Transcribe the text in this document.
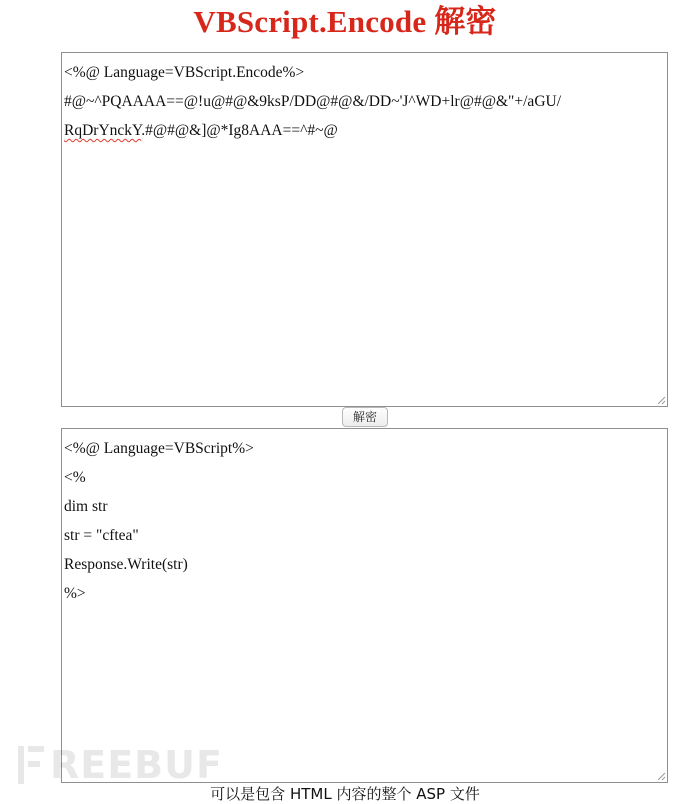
VBScript.Encode 解密
<%@ Language=VBScript.Encode%>
#@~^PQAAAA==@!u@#@&9ksP/DD@#@&/DD~'J^WD+lr@#@&"+/aGU/
RqDrYnckY.#@#@&]@*Ig8AAA==^#~@
解密
<%@ Language=VBScript%>
<%
dim str
str = "cftea"
Response.Write(str)
%>
REEBUF
可以是包含 HTML 内容的整个 ASP 文件
